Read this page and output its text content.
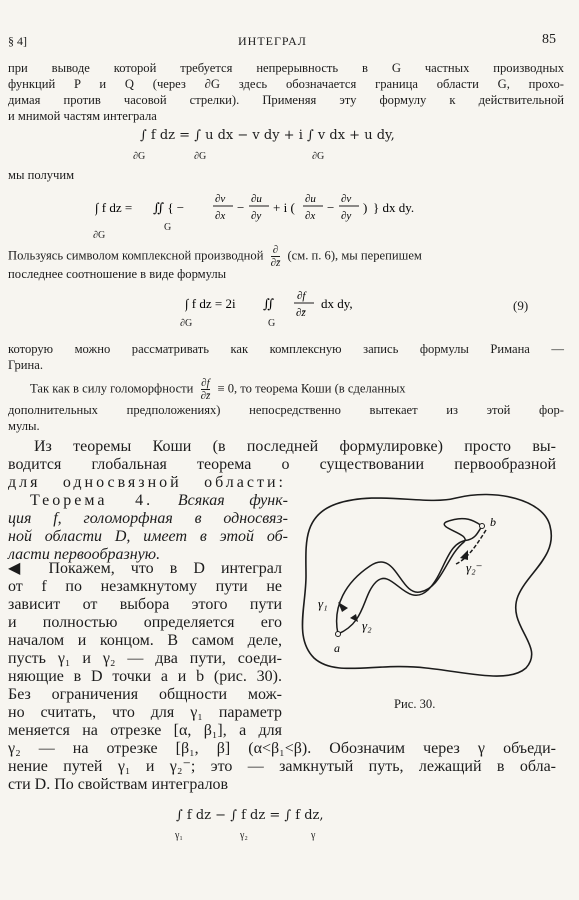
§ 4]	ИНТЕГРАЛ	85
при выводе которой требуется непрерывность в G частных производных
функций P и Q (через ∂G здесь обозначается граница области G, прохо-
димая против часовой стрелки). Применяя эту формулу к действительной
и мнимой частям интеграла
∫ f dz = ∫ u dx − v dy + i ∫ v dx + u dy,
∂G	∂G	∂G
мы получим
∫ f dz = ∬ { −
∂v
∂x
−
∂u
∂y
+ i (
∂u
∂x
−
∂v
∂y
) } dx dy.
∂G
G
Пользуясь символом комплексной производной ∂
∂z̄
(см. п. 6), мы перепишем
последнее соотношение в виде формулы
∫ f dz = 2i ∬ ∂f
∂z̄
dx dy,	(9)
∂G	G
которую можно рассматривать как комплексную запись формулы Римана —
Грина.
Так как в силу голоморфности $\frac{\partial f}{\partial z̄} \equiv 0$, то теорема Коши (в сделанных
дополнительных предположениях) непосредственно вытекает из этой фор-
мулы.
Из теоремы Коши (в последней формулировке) просто вы-
водится глобальная теорема о существовании первообразной
для односвязной области:
Теорема 4. Всякая функ-
ция f, голоморфная в односвяз-
ной области D, имеет в этой об-
ласти первообразную.
◀ Покажем, что в D интеграл
от f по незамкнутому пути не
зависит от выбора этого пути
и полностью определяется его
началом и концом. В самом деле,
пусть γ₁ и γ₂ — два пути, соеди-
няющие в D точки a и b (рис. 30).
Без ограничения общности мож-
но считать, что для γ₁ параметр
меняется на отрезке [α, β₁], а для
γ₂ — на отрезке [β₁, β] (α<β₁<β). Обозначим через γ объеди-
нение путей γ₁ и γ₂⁻; это — замкнутый путь, лежащий в обла-
сти D. По свойствам интегралов
a
b
γ₁
γ₂
γ₂⁻
Рис. 30.
∫ f dz − ∫ f dz = ∫ f dz,
γ₁	γ₂	γ
